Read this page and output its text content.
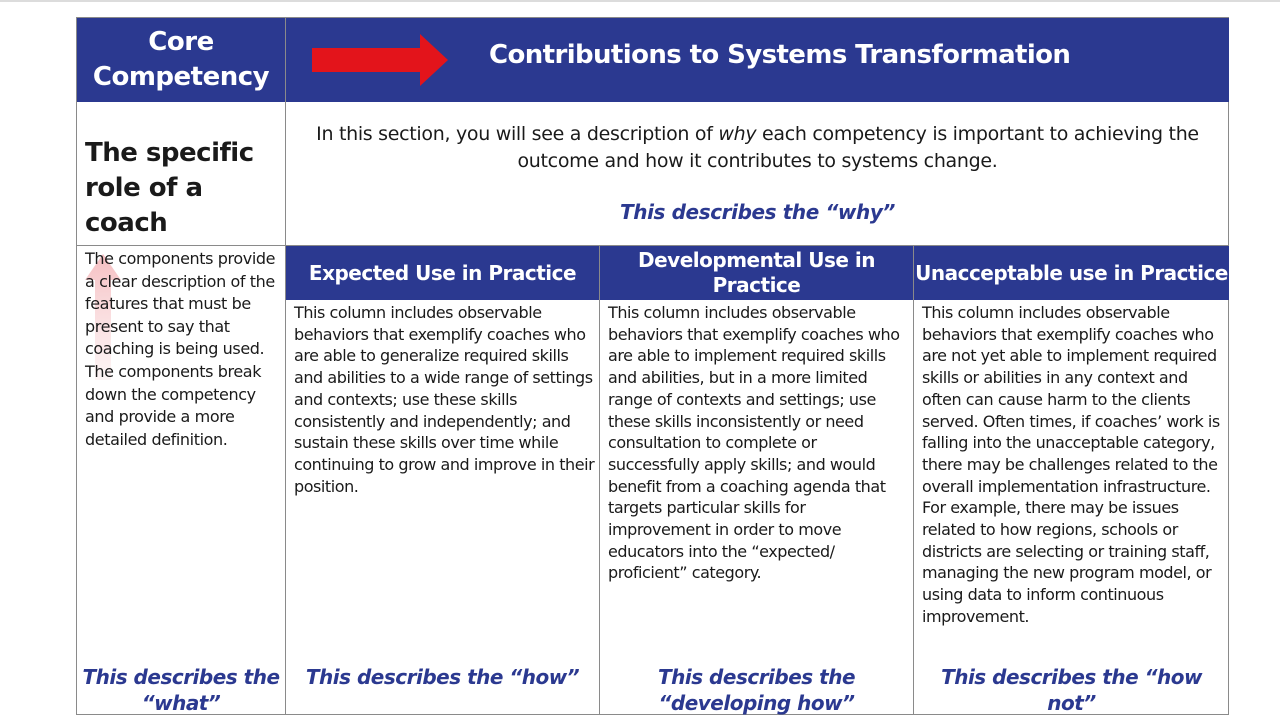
Core Competency
Contributions to Systems Transformation
The specific role of a coach
In this section, you will see a description of why each competency is important to achieving the outcome and how it contributes to systems change.
This describes the “why”
The components provide a clear description of the features that must be present to say that coaching is being used. The components break down the competency and provide a more detailed definition.
This describes the “what”
Expected Use in Practice
Developmental Use in Practice
Unacceptable use in Practice
This column includes observable behaviors that exemplify coaches who are able to generalize required skills and abilities to a wide range of settings and contexts; use these skills consistently and independently; and sustain these skills over time while continuing to grow and improve in their position.
This describes the “how”
This column includes observable behaviors that exemplify coaches who are able to implement required skills and abilities, but in a more limited range of contexts and settings; use these skills inconsistently or need consultation to complete or successfully apply skills; and would benefit from a coaching agenda that targets particular skills for improvement in order to move educators into the “expected/ proficient” category.
This describes the “developing how”
This column includes observable behaviors that exemplify coaches who are not yet able to implement required skills or abilities in any context and often can cause harm to the clients served. Often times, if coaches’ work is falling into the unacceptable category, there may be challenges related to the overall implementation infrastructure. For example, there may be issues related to how regions, schools or districts are selecting or training staff, managing the new program model, or using data to inform continuous improvement.
This describes the “how not”
